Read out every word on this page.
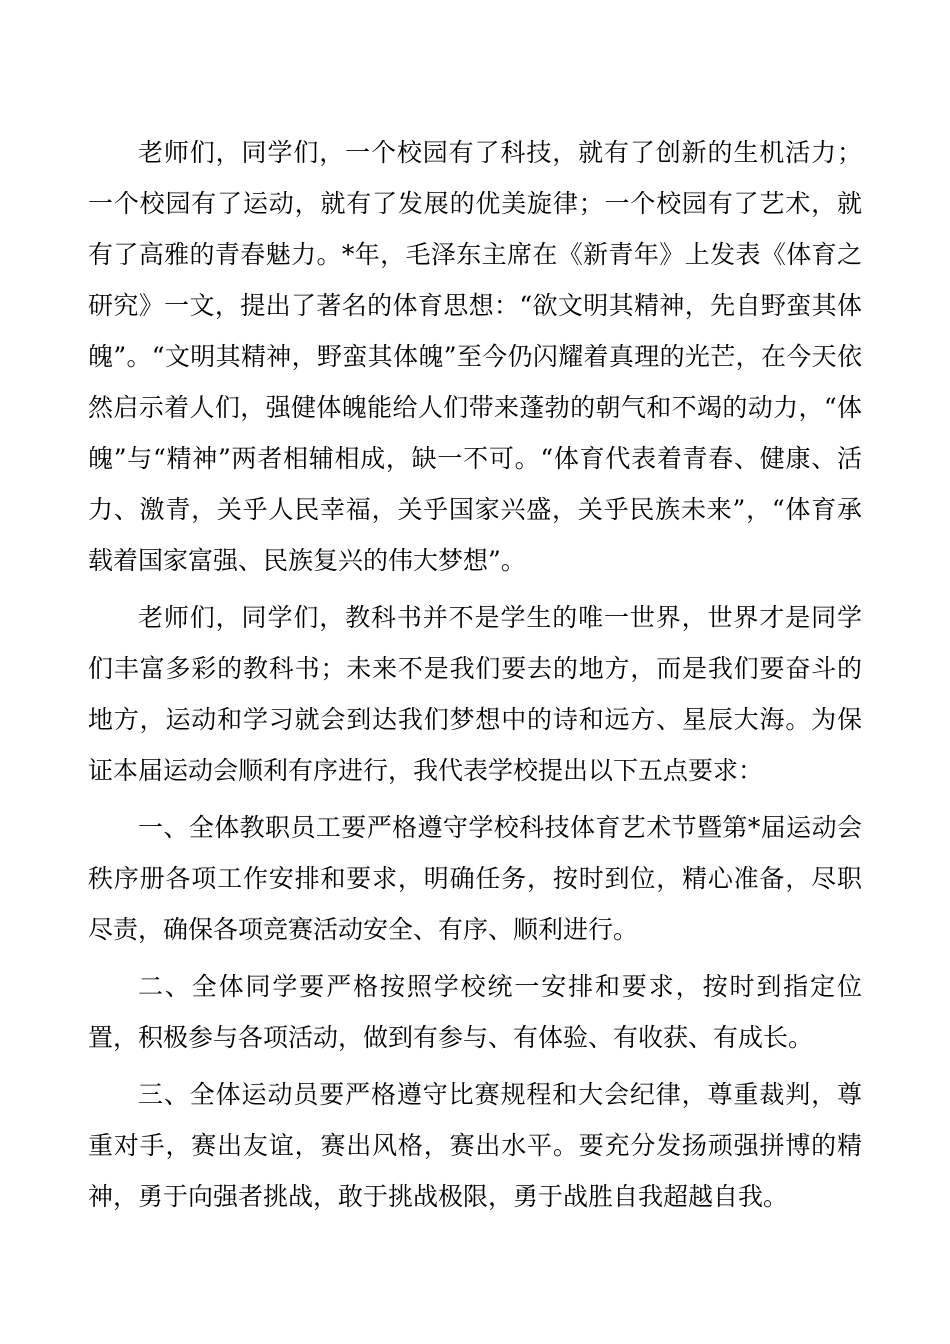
老师们，同学们，一个校园有了科技，就有了创新的生机活力；一个校园有了运动，就有了发展的优美旋律；一个校园有了艺术，就有了高雅的青春魅力。*年，毛泽东主席在《新青年》上发表《体育之研究》一文，提出了著名的体育思想：“欲文明其精神，先自野蛮其体魄”。“文明其精神，野蛮其体魄”至今仍闪耀着真理的光芒，在今天依然启示着人们，强健体魄能给人们带来蓬勃的朝气和不竭的动力，“体魄”与“精神”两者相辅相成，缺一不可。“体育代表着青春、健康、活力、激青，关乎人民幸福，关乎国家兴盛，关乎民族未来”，“体育承载着国家富强、民族复兴的伟大梦想”。

老师们，同学们，教科书并不是学生的唯一世界，世界才是同学们丰富多彩的教科书；未来不是我们要去的地方，而是我们要奋斗的地方，运动和学习就会到达我们梦想中的诗和远方、星辰大海。为保证本届运动会顺利有序进行，我代表学校提出以下五点要求：

一、全体教职员工要严格遵守学校科技体育艺术节暨第*届运动会秩序册各项工作安排和要求，明确任务，按时到位，精心准备，尽职尽责，确保各项竞赛活动安全、有序、顺利进行。

二、全体同学要严格按照学校统一安排和要求，按时到指定位置，积极参与各项活动，做到有参与、有体验、有收获、有成长。

三、全体运动员要严格遵守比赛规程和大会纪律，尊重裁判，尊重对手，赛出友谊，赛出风格，赛出水平。要充分发扬顽强拼博的精神，勇于向强者挑战，敢于挑战极限，勇于战胜自我超越自我。
